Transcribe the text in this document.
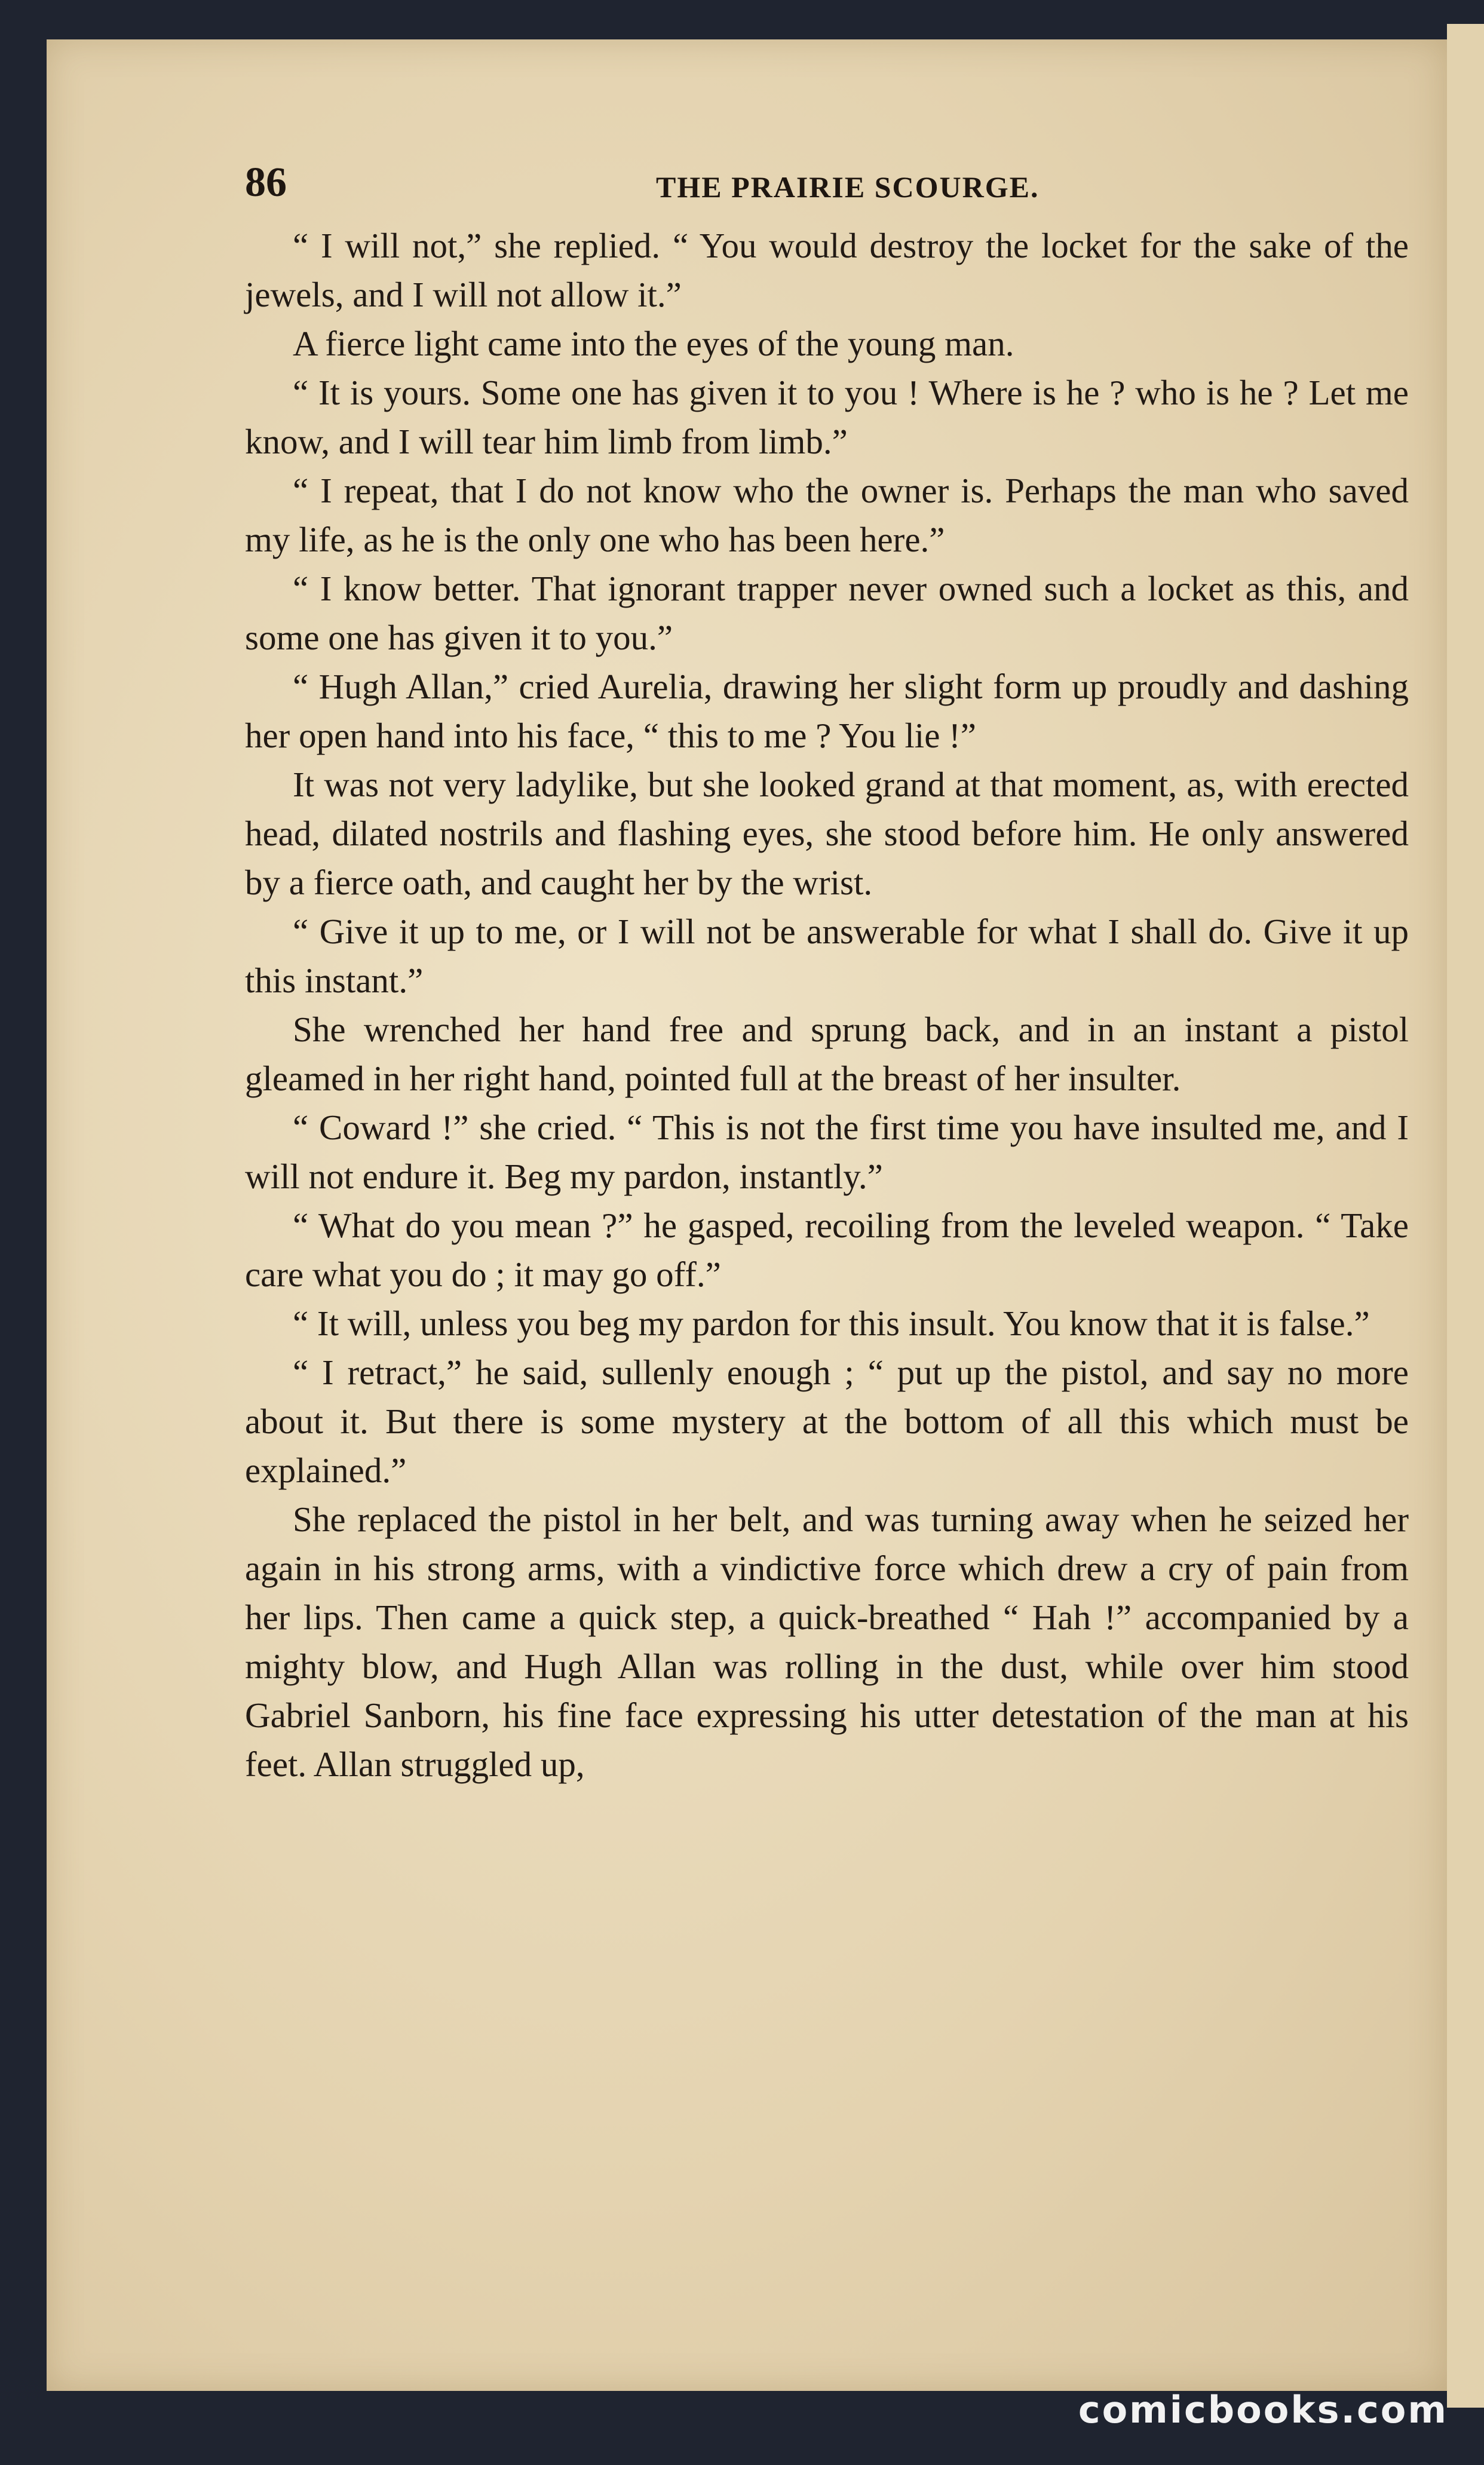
86	THE PRAIRIE SCOURGE.

“ I will not,” she replied. “ You would destroy the locket for the sake of the jewels, and I will not allow it.”

A fierce light came into the eyes of the young man.

“ It is yours. Some one has given it to you ! Where is he ? who is he ? Let me know, and I will tear him limb from limb.”

“ I repeat, that I do not know who the owner is. Perhaps the man who saved my life, as he is the only one who has been here.”

“ I know better. That ignorant trapper never owned such a locket as this, and some one has given it to you.”

“ Hugh Allan,” cried Aurelia, drawing her slight form up proudly and dashing her open hand into his face, “ this to me ? You lie !”

It was not very ladylike, but she looked grand at that moment, as, with erected head, dilated nostrils and flashing eyes, she stood before him. He only answered by a fierce oath, and caught her by the wrist.

“ Give it up to me, or I will not be answerable for what I shall do. Give it up this instant.”

She wrenched her hand free and sprung back, and in an instant a pistol gleamed in her right hand, pointed full at the breast of her insulter.

“ Coward !” she cried. “ This is not the first time you have insulted me, and I will not endure it. Beg my pardon, instantly.”

“ What do you mean ?” he gasped, recoiling from the leveled weapon. “ Take care what you do ; it may go off.”

“ It will, unless you beg my pardon for this insult. You know that it is false.”

“ I retract,” he said, sullenly enough ; “ put up the pistol, and say no more about it. But there is some mystery at the bottom of all this which must be explained.”

She replaced the pistol in her belt, and was turning away when he seized her again in his strong arms, with a vindictive force which drew a cry of pain from her lips. Then came a quick step, a quick-breathed “ Hah !” accompanied by a mighty blow, and Hugh Allan was rolling in the dust, while over him stood Gabriel Sanborn, his fine face expressing his utter detestation of the man at his feet. Allan struggled up,

comicbooks.com
